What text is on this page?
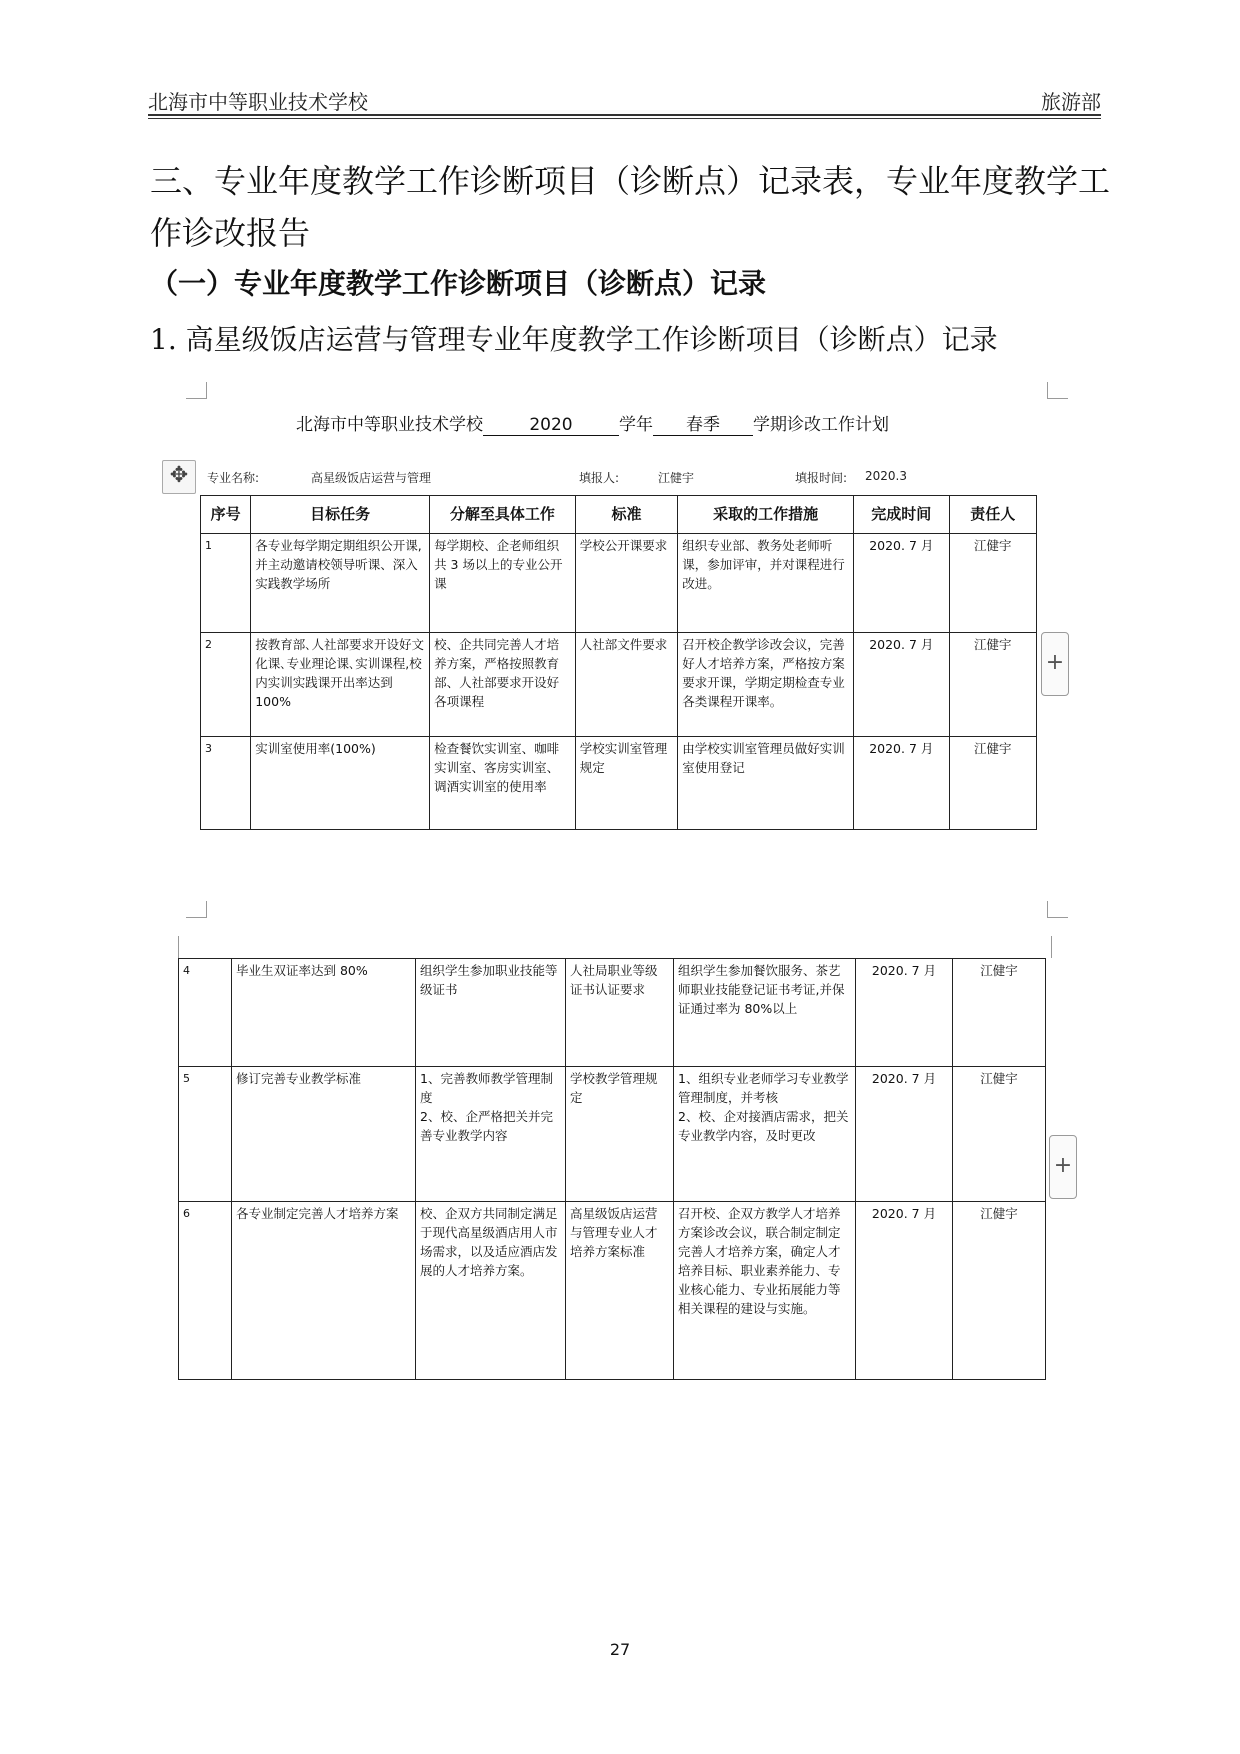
北海市中等职业技术学校	旅游部
三、专业年度教学工作诊断项目（诊断点）记录表，专业年度教学工作诊改报告
（一）专业年度教学工作诊断项目（诊断点）记录
1. 高星级饭店运营与管理专业年度教学工作诊断项目（诊断点）记录
北海市中等职业技术学校	2020	学年 春季 学期诊改工作计划
✥	专业名称:	高星级饭店运营与管理	填报人:	江健宇	填报时间: 2020.3
序号	目标任务	分解至具体工作	标准	采取的工作措施	完成时间	责任人
1	各专业每学期定期组织公开课,并主动邀请校领导听课、深入实践教学场所	每学期校、企老师组织共 3 场以上的专业公开课	学校公开课要求	组织专业部、教务处老师听课，参加评审，并对课程进行改进。	2020. 7 月	江健宇
2	按教育部､人社部要求开设好文化课､专业理论课､实训课程,校内实训实践课开出率达到 100%	校、企共同完善人才培养方案，严格按照教育部、人社部要求开设好各项课程	人社部文件要求	召开校企教学诊改会议，完善好人才培养方案，严格按方案要求开课，学期定期检查专业各类课程开课率。	2020. 7 月	江健宇
3	实训室使用率(100%)	检查餐饮实训室、咖啡实训室、客房实训室、调酒实训室的使用率	学校实训室管理规定	由学校实训室管理员做好实训室使用登记	2020. 7 月	江健宇
+
4	毕业生双证率达到 80%	组织学生参加职业技能等级证书	人社局职业等级证书认证要求	组织学生参加餐饮服务、茶艺师职业技能登记证书考证,并保证通过率为 80%以上	2020. 7 月	江健宇
5	修订完善专业教学标准	1、完善教师教学管理制度
2、校、企严格把关并完善专业教学内容	学校教学管理规定	1、组织专业老师学习专业教学管理制度，并考核
2、校、企对接酒店需求，把关专业教学内容，及时更改	2020. 7 月	江健宇
6	各专业制定完善人才培养方案	校、企双方共同制定满足于现代高星级酒店用人市场需求，以及适应酒店发展的人才培养方案。	高星级饭店运营与管理专业人才培养方案标准	召开校、企双方教学人才培养方案诊改会议，联合制定制定完善人才培养方案，确定人才培养目标、职业素养能力、专业核心能力、专业拓展能力等相关课程的建设与实施。	2020. 7 月	江健宇
+
27
